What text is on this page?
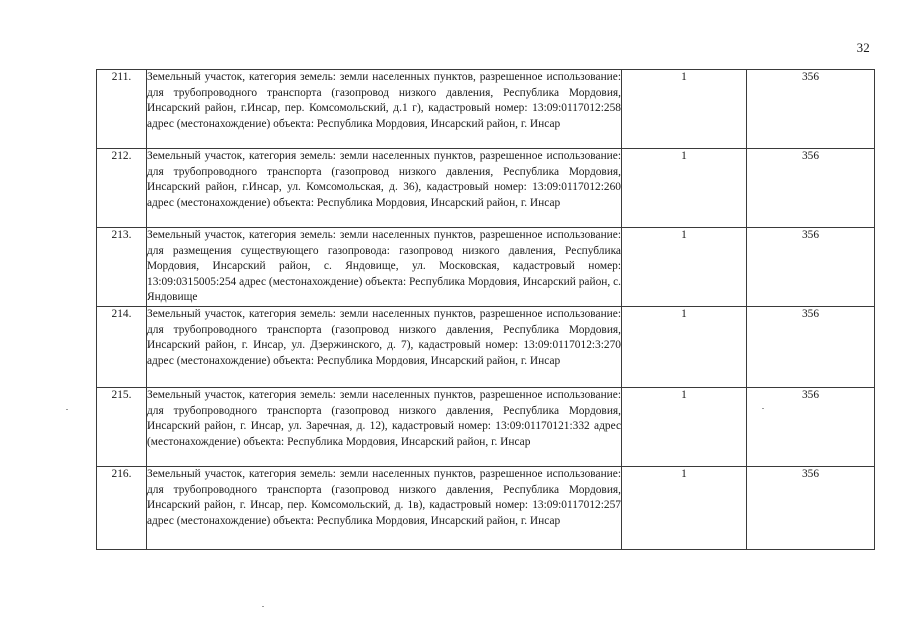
32
211.	Земельный участок, категория земель: земли населенных пунктов, разрешенное использование: для трубопроводного транспорта (газопровод низкого давления, Республика Мордовия, Инсарский район, г.Инсар, пер. Комсомольский, д.1 г), кадастровый номер: 13:09:0117012:258 адрес (местонахождение) объекта: Республика Мордовия, Инсарский район, г. Инсар	1	356
212.	Земельный участок, категория земель: земли населенных пунктов, разрешенное использование: для трубопроводного транспорта (газопровод низкого давления, Республика Мордовия, Инсарский район, г.Инсар, ул. Комсомольская, д. 36), кадастровый номер: 13:09:0117012:260 адрес (местонахождение) объекта: Республика Мордовия, Инсарский район, г. Инсар	1	356
213.	Земельный участок, категория земель: земли населенных пунктов, разрешенное использование: для размещения существующего газопровода: газопровод низкого давления, Республика Мордовия, Инсарский район, с. Яндовище, ул. Московская, кадастровый номер: 13:09:0315005:254 адрес (местонахождение) объекта: Республика Мордовия, Инсарский район, с. Яндовище	1	356
214.	Земельный участок, категория земель: земли населенных пунктов, разрешенное использование: для трубопроводного транспорта (газопровод низкого давления, Республика Мордовия, Инсарский район, г. Инсар, ул. Дзержинского, д. 7), кадастровый номер: 13:09:0117012:3:270 адрес (местонахождение) объекта: Республика Мордовия, Инсарский район, г. Инсар	1	356
215.	Земельный участок, категория земель: земли населенных пунктов, разрешенное использование: для трубопроводного транспорта (газопровод низкого давления, Республика Мордовия, Инсарский район, г. Инсар, ул. Заречная, д. 12), кадастровый номер: 13:09:01170121:332 адрес (местонахождение) объекта: Республика Мордовия, Инсарский район, г. Инсар	1	356
216.	Земельный участок, категория земель: земли населенных пунктов, разрешенное использование: для трубопроводного транспорта (газопровод низкого давления, Республика Мордовия, Инсарский район, г. Инсар, пер. Комсомольский, д. 1в), кадастровый номер: 13:09:0117012:257 адрес (местонахождение) объекта: Республика Мордовия, Инсарский район, г. Инсар	1	356
